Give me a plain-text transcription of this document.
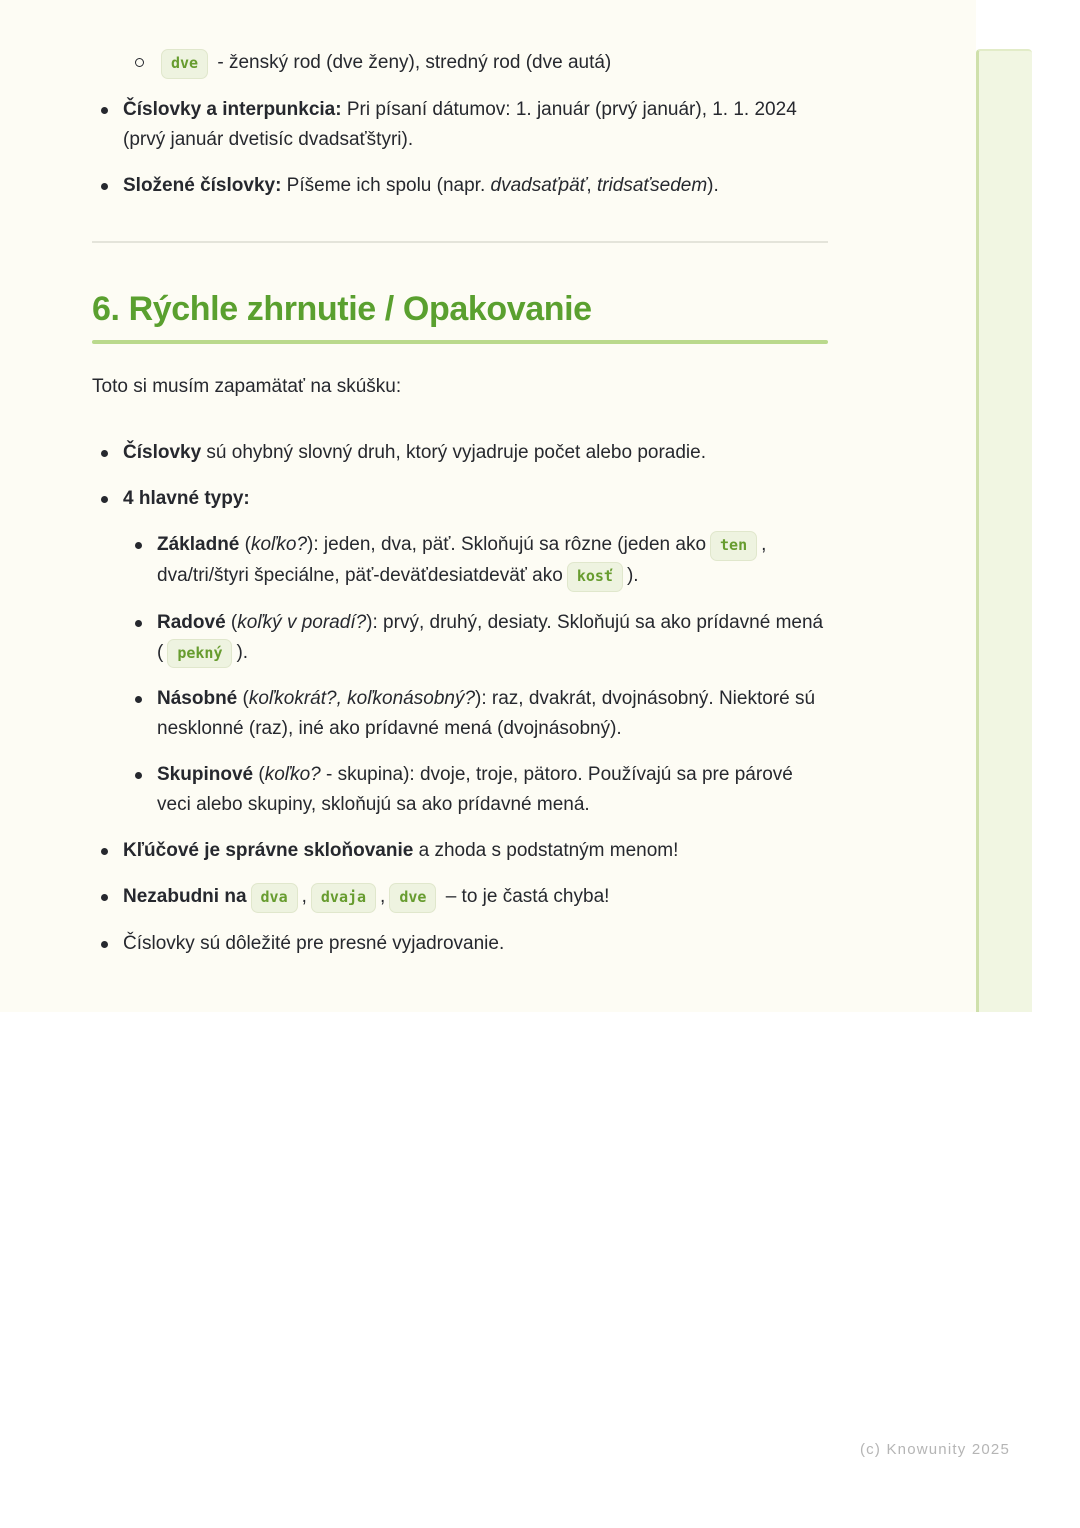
dve - ženský rod (dve ženy), stredný rod (dve autá)
Číslovky a interpunkcia: Pri písaní dátumov: 1. január (prvý január), 1. 1. 2024 (prvý január dvetisíc dvadsaťštyri).
Složené číslovky: Píšeme ich spolu (napr. dvadsaťpäť, tridsaťsedem).
6. Rýchle zhrnutie / Opakovanie

Toto si musím zapamätať na skúšku:

Číslovky sú ohybný slovný druh, ktorý vyjadruje počet alebo poradie.
4 hlavné typy:
Základné (koľko?): jeden, dva, päť. Skloňujú sa rôzne (jeden ako ten , dva/tri/štyri špeciálne, päť-deväťdesiatdeväť ako kosť ).
Radové (koľký v poradí?): prvý, druhý, desiaty. Skloňujú sa ako prídavné mená ( pekný ).
Násobné (koľkokrát?, koľkonásobný?): raz, dvakrát, dvojnásobný. Niektoré sú nesklonné (raz), iné ako prídavné mená (dvojnásobný).
Skupinové (koľko? - skupina): dvoje, troje, pätoro. Používajú sa pre párové veci alebo skupiny, skloňujú sa ako prídavné mená.
Kľúčové je správne skloňovanie a zhoda s podstatným menom!
Nezabudni na dva , dvaja , dve – to je častá chyba!
Číslovky sú dôležité pre presné vyjadrovanie.
(c) Knowunity 2025
